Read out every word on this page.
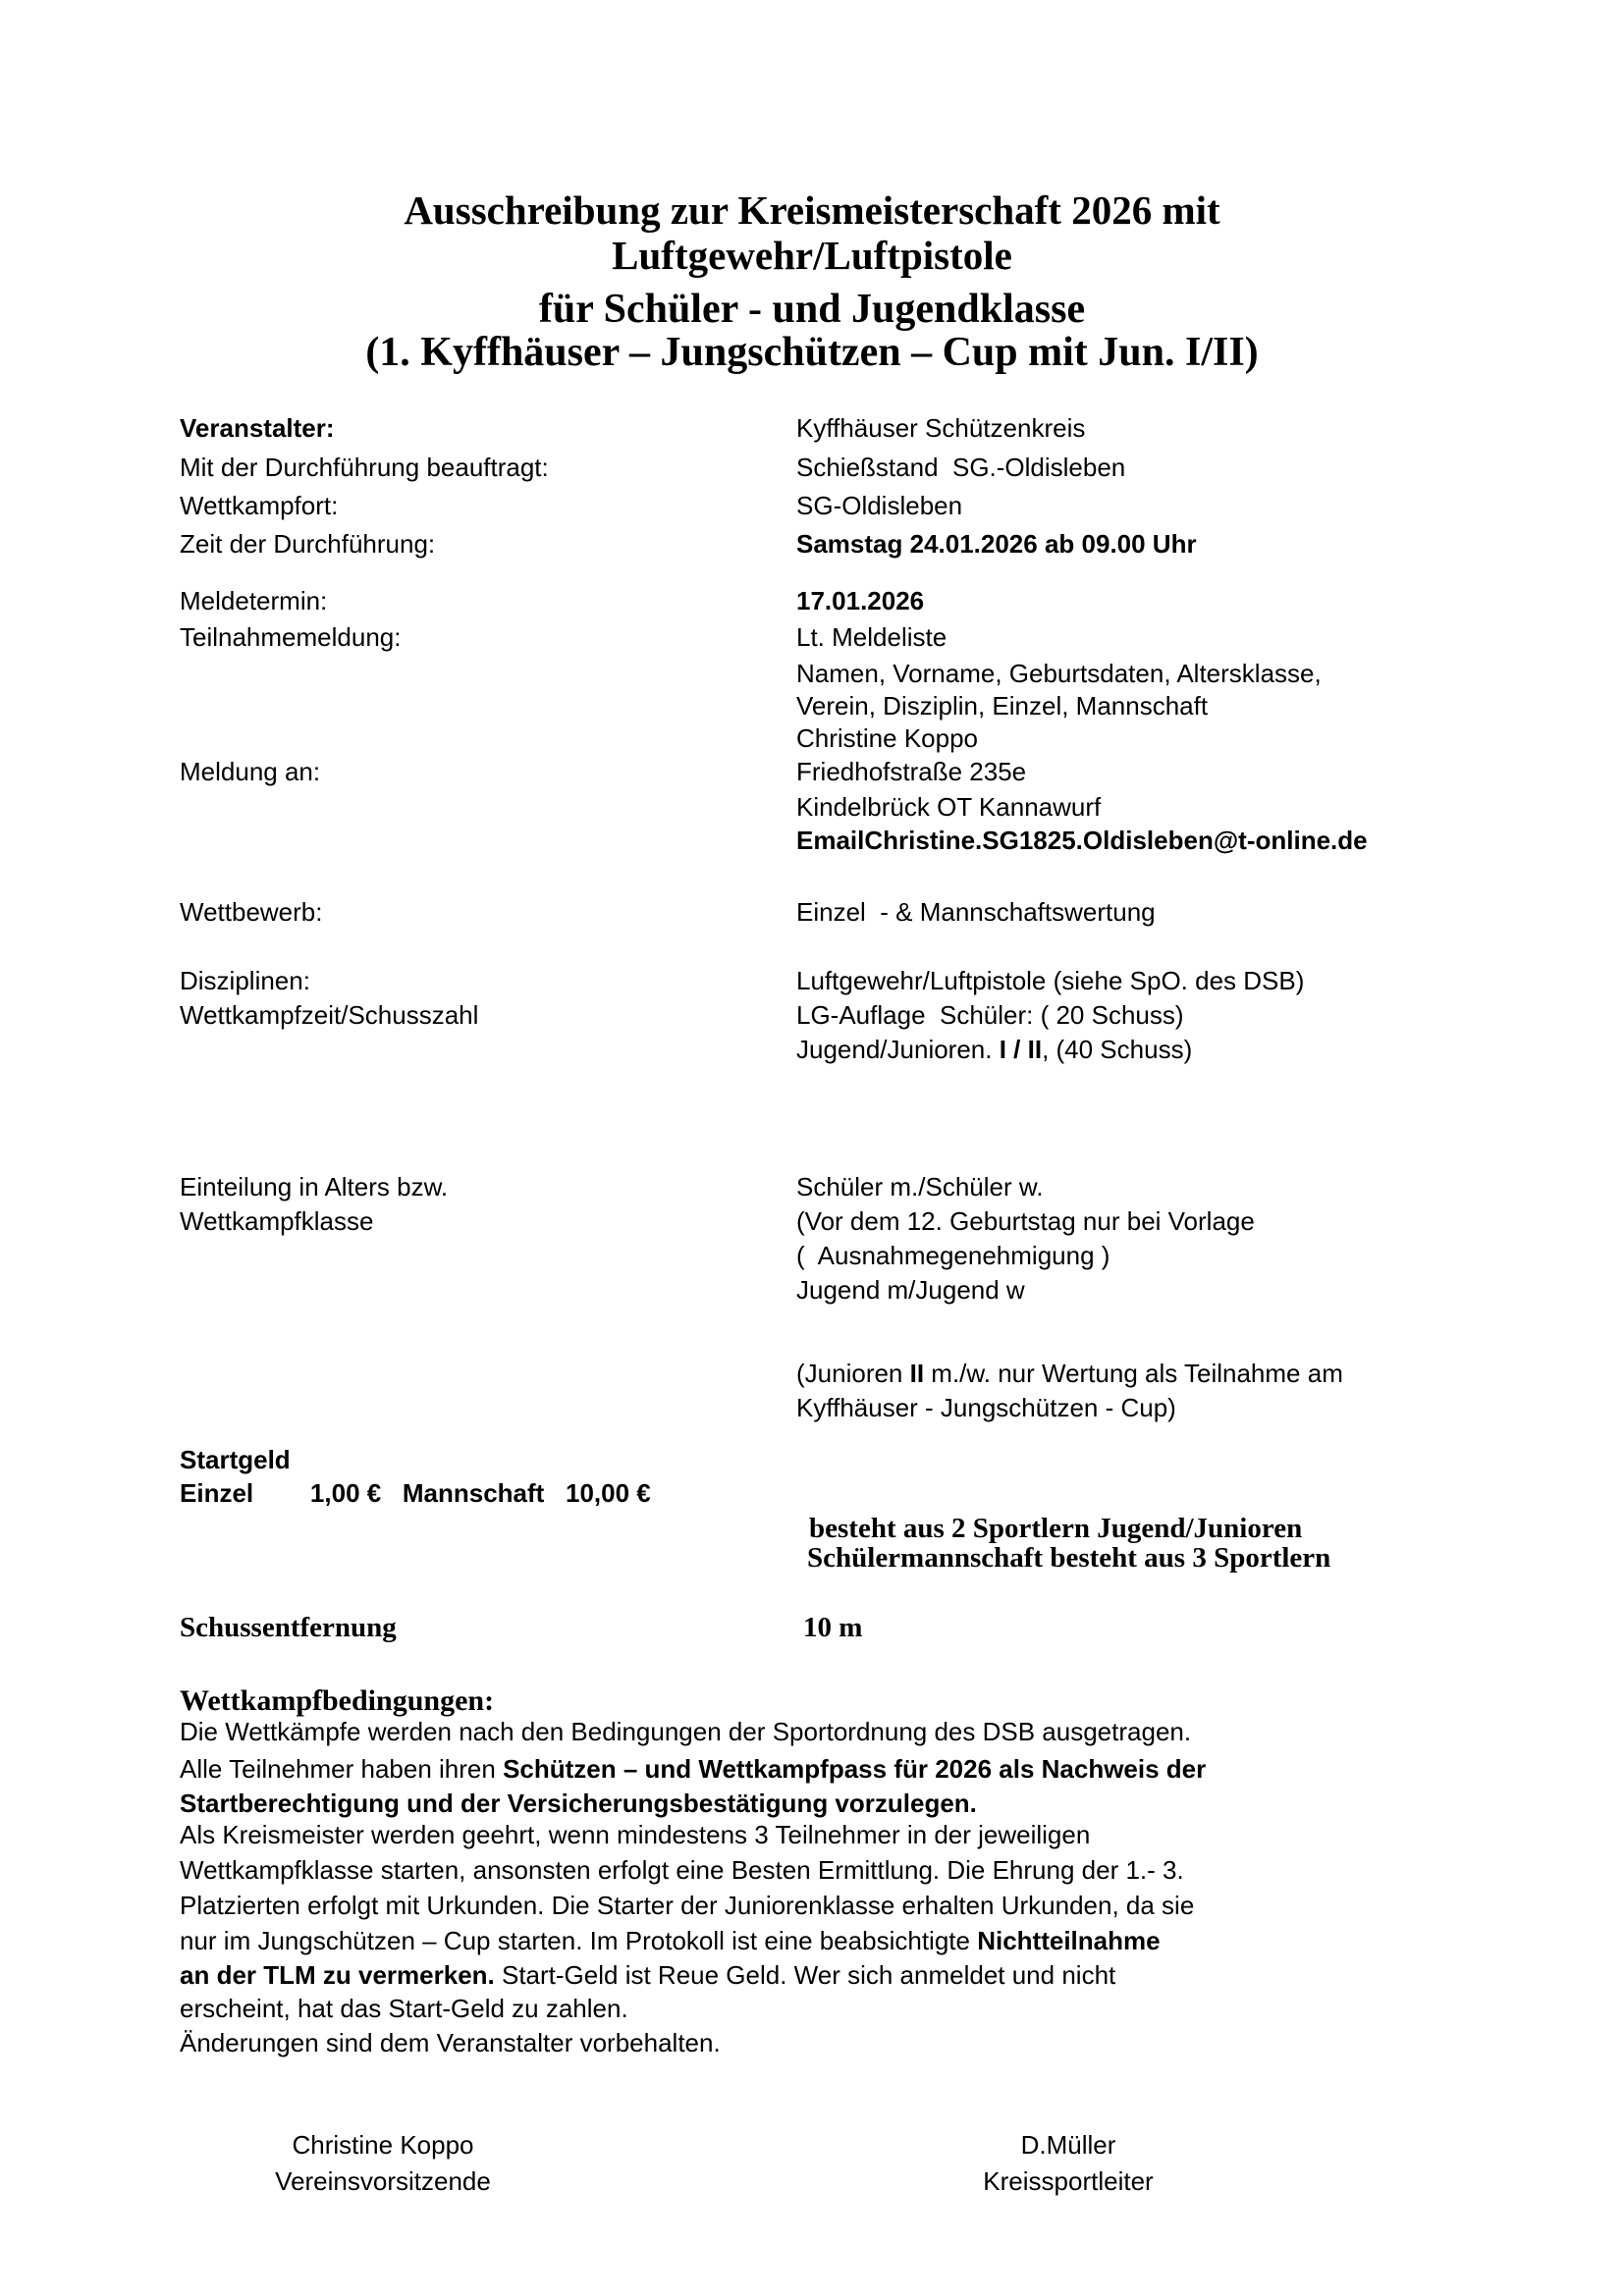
Ausschreibung zur Kreismeisterschaft 2026 mit
Luftgewehr/Luftpistole
für Schüler - und Jugendklasse
(1. Kyffhäuser – Jungschützen – Cup mit Jun. I/II)
Veranstalter:	Kyffhäuser Schützenkreis
Mit der Durchführung beauftragt:	Schießstand  SG.-Oldisleben
Wettkampfort:	SG-Oldisleben
Zeit der Durchführung:	Samstag 24.01.2026 ab 09.00 Uhr
Meldetermin:	17.01.2026
Teilnahmemeldung:	Lt. Meldeliste
Namen, Vorname, Geburtsdaten, Altersklasse,
Verein, Disziplin, Einzel, Mannschaft
Christine Koppo
Meldung an:	Friedhofstraße 235e
Kindelbrück OT Kannawurf
EmailChristine.SG1825.Oldisleben@t-online.de
Wettbewerb:	Einzel  - & Mannschaftswertung
Disziplinen:	Luftgewehr/Luftpistole (siehe SpO. des DSB)
Wettkampfzeit/Schusszahl	LG-Auflage  Schüler: ( 20 Schuss)
Jugend/Junioren. I / II, (40 Schuss)
Einteilung in Alters bzw.	Schüler m./Schüler w.
Wettkampfklasse	(Vor dem 12. Geburtstag nur bei Vorlage
(  Ausnahmegenehmigung )
Jugend m/Jugend w
(Junioren II m./w. nur Wertung als Teilnahme am
Kyffhäuser - Jungschützen - Cup)
Startgeld
Einzel        1,00 €   Mannschaft   10,00 €
besteht aus 2 Sportlern Jugend/Junioren
Schülermannschaft besteht aus 3 Sportlern
Schussentfernung	10 m
Wettkampfbedingungen:
Die Wettkämpfe werden nach den Bedingungen der Sportordnung des DSB ausgetragen.
Alle Teilnehmer haben ihren Schützen – und Wettkampfpass für 2026 als Nachweis der
Startberechtigung und der Versicherungsbestätigung vorzulegen.
Als Kreismeister werden geehrt, wenn mindestens 3 Teilnehmer in der jeweiligen
Wettkampfklasse starten, ansonsten erfolgt eine Besten Ermittlung. Die Ehrung der 1.- 3.
Platzierten erfolgt mit Urkunden. Die Starter der Juniorenklasse erhalten Urkunden, da sie
nur im Jungschützen – Cup starten. Im Protokoll ist eine beabsichtigte Nichtteilnahme
an der TLM zu vermerken. Start-Geld ist Reue Geld. Wer sich anmeldet und nicht
erscheint, hat das Start-Geld zu zahlen.
Änderungen sind dem Veranstalter vorbehalten.
Christine Koppo
Vereinsvorsitzende
D.Müller
Kreissportleiter
